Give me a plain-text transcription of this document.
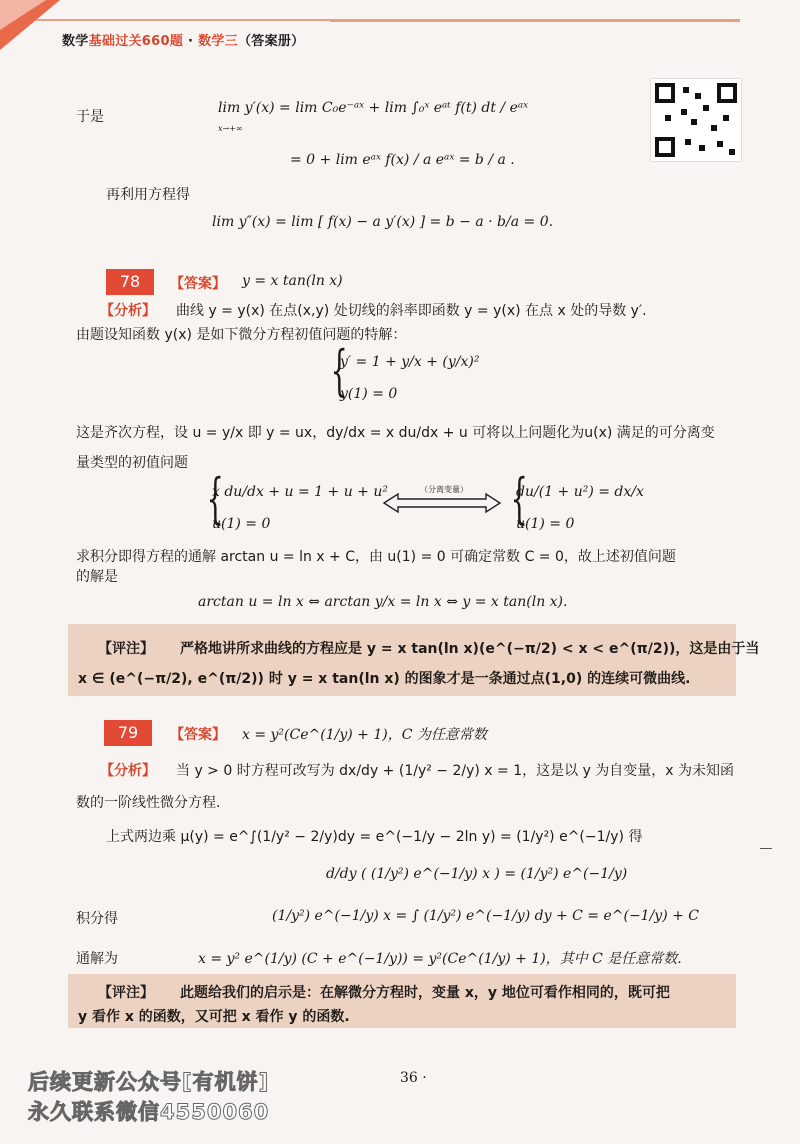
数学基础过关660题 · 数学三（答案册）
于是
lim y′(x) = lim C₀e⁻ᵃˣ + lim ∫₀ˣ eᵃᵗ f(t) dt / eᵃˣ
x→+∞
= 0 + lim eᵃˣ f(x) / a eᵃˣ = b / a .
再利用方程得
lim y″(x) = lim [ f(x) − a y′(x) ] = b − a · b/a = 0.
78	【答案】 y = x tan(ln x)
【分析】 曲线 y = y(x) 在点(x,y) 处切线的斜率即函数 y = y(x) 在点 x 处的导数 y′.
由题设知函数 y(x) 是如下微分方程初值问题的特解：
{
y′ = 1 + y/x + (y/x)²
y(1) = 0
这是齐次方程，设 u = y/x 即 y = ux，dy/dx = x du/dx + u 可将以上问题化为u(x) 满足的可分离变
量类型的初值问题
{
x du/dx + u = 1 + u + u²
u(1) = 0
（分离变量） {
du/(1 + u²) = dx/x
u(1) = 0
求积分即得方程的通解 arctan u = ln x + C，由 u(1) = 0 可确定常数 C = 0，故上述初值问题
的解是
arctan u = ln x ⇔ arctan y/x = ln x ⇔ y = x tan(ln x).
【评注】 严格地讲所求曲线的方程应是 y = x tan(ln x)(e^(−π/2) < x < e^(π/2))，这是由于当
x ∈ (e^(−π/2), e^(π/2)) 时 y = x tan(ln x) 的图象才是一条通过点(1,0) 的连续可微曲线.
79	【答案】 x = y²(Ce^(1/y) + 1)，C 为任意常数
【分析】 当 y > 0 时方程可改写为 dx/dy + (1/y² − 2/y) x = 1，这是以 y 为自变量，x 为未知函
数的一阶线性微分方程.
上式两边乘 μ(y) = e^∫(1/y² − 2/y)dy = e^(−1/y − 2ln y) = (1/y²) e^(−1/y) 得
d/dy ( (1/y²) e^(−1/y) x ) = (1/y²) e^(−1/y)
积分得	(1/y²) e^(−1/y) x = ∫ (1/y²) e^(−1/y) dy + C = e^(−1/y) + C
通解为	x = y² e^(1/y) (C + e^(−1/y)) = y²(Ce^(1/y) + 1)，其中 C 是任意常数.
【评注】 此题给我们的启示是：在解微分方程时，变量 x，y 地位可看作相同的，既可把
y 看作 x 的函数，又可把 x 看作 y 的函数.
后续更新公众号[有机饼]
永久联系微信4550060
36 ·
